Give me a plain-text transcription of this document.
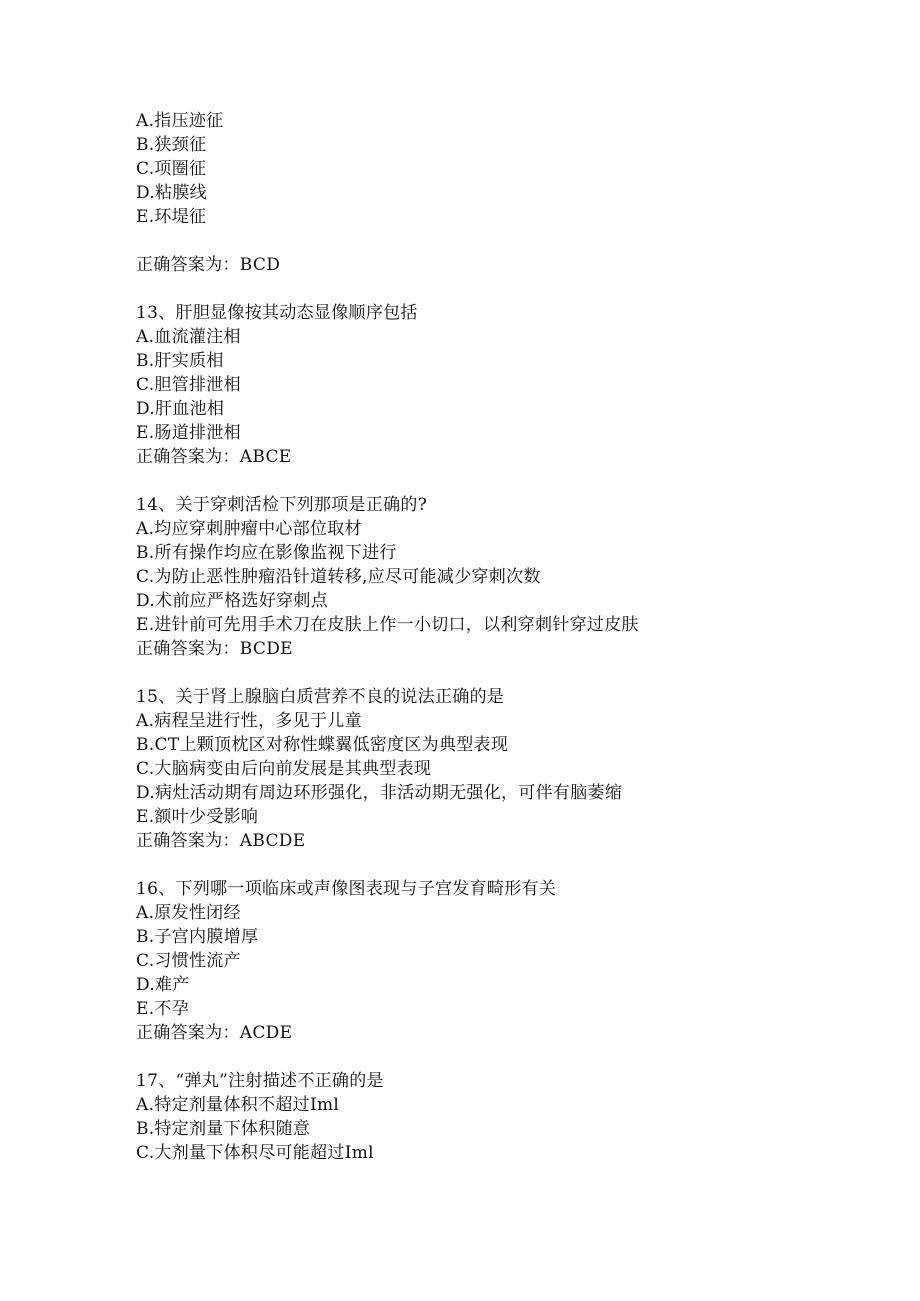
A.指压迹征
B.狭颈征
C.项圈征
D.粘膜线
E.环堤征
正确答案为：BCD
13、肝胆显像按其动态显像顺序包括
A.血流灌注相
B.肝实质相
C.胆管排泄相
D.肝血池相
E.肠道排泄相
正确答案为：ABCE
14、关于穿刺活检下列那项是正确的?
A.均应穿刺肿瘤中心部位取材
B.所有操作均应在影像监视下进行
C.为防止恶性肿瘤沿针道转移,应尽可能减少穿刺次数
D.术前应严格选好穿刺点
E.进针前可先用手术刀在皮肤上作一小切口，以利穿刺针穿过皮肤
正确答案为：BCDE
15、关于肾上腺脑白质营养不良的说法正确的是
A.病程呈进行性，多见于儿童
B.CT上颗顶枕区对称性蝶翼低密度区为典型表现
C.大脑病变由后向前发展是其典型表现
D.病灶活动期有周边环形强化，非活动期无强化，可伴有脑萎缩
E.额叶少受影响
正确答案为：ABCDE
16、下列哪一项临床或声像图表现与子宫发育畸形有关
A.原发性闭经
B.子宫内膜增厚
C.习惯性流产
D.难产
E.不孕
正确答案为：ACDE
17、“弹丸”注射描述不正确的是
A.特定剂量体积不超过Iml
B.特定剂量下体积随意
C.大剂量下体积尽可能超过Iml
